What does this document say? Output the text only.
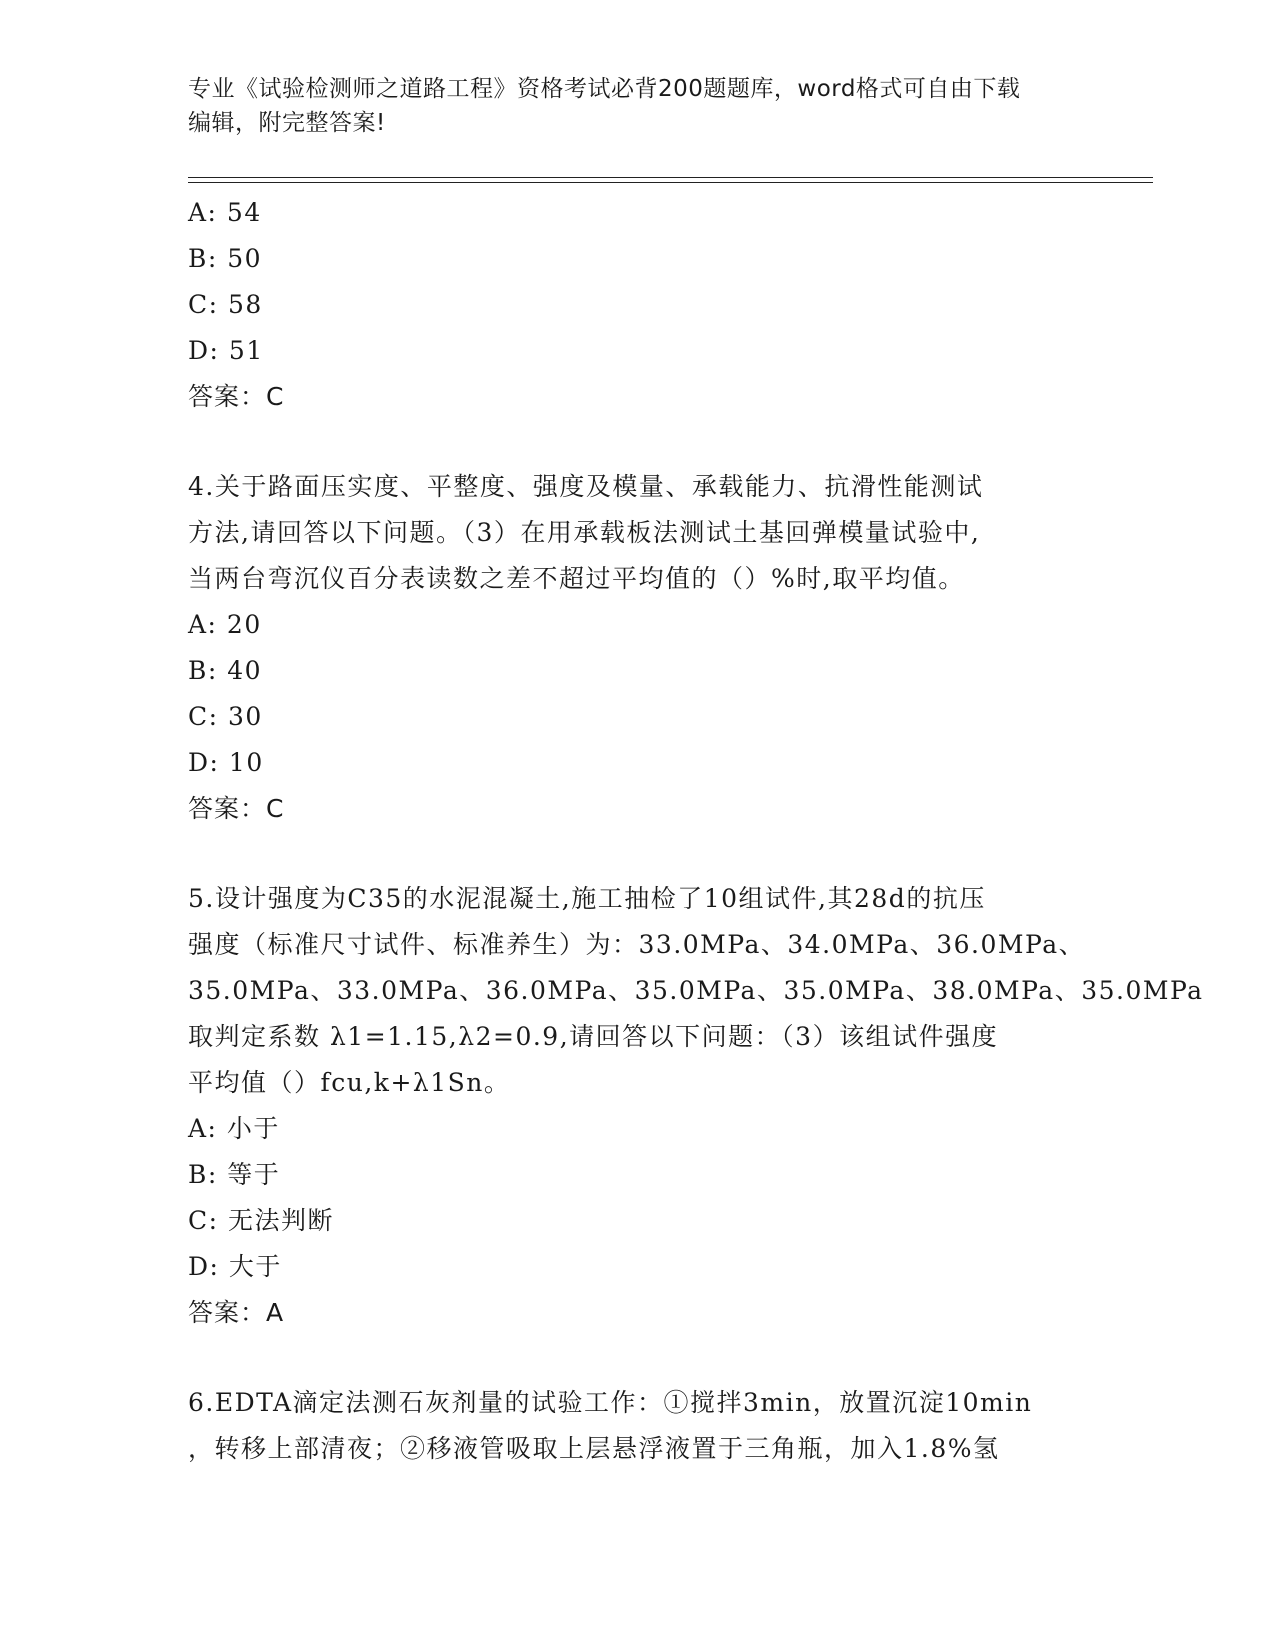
专业《试验检测师之道路工程》资格考试必背200题题库，word格式可自由下载
编辑，附完整答案!
A: 54
B: 50
C: 58
D: 51
答案：C
4.关于路面压实度、平整度、强度及模量、承载能力、抗滑性能测试
方法,请回答以下问题。（3）在用承载板法测试土基回弹模量试验中,
当两台弯沉仪百分表读数之差不超过平均值的（）%时,取平均值。
A: 20
B: 40
C: 30
D: 10
答案：C
5.设计强度为C35的水泥混凝土,施工抽检了10组试件,其28d的抗压
强度（标准尺寸试件、标准养生）为：33.0MPa、34.0MPa、36.0MPa、
35.0MPa、33.0MPa、36.0MPa、35.0MPa、35.0MPa、38.0MPa、35.0MPa
取判定系数 λ1=1.15,λ2=0.9,请回答以下问题：（3）该组试件强度
平均值（）fcu,k+λ1Sn。
A: 小于
B: 等于
C: 无法判断
D: 大于
答案：A
6.EDTA滴定法测石灰剂量的试验工作：①搅拌3min，放置沉淀10min
，转移上部清夜；②移液管吸取上层悬浮液置于三角瓶，加入1.8%氢
